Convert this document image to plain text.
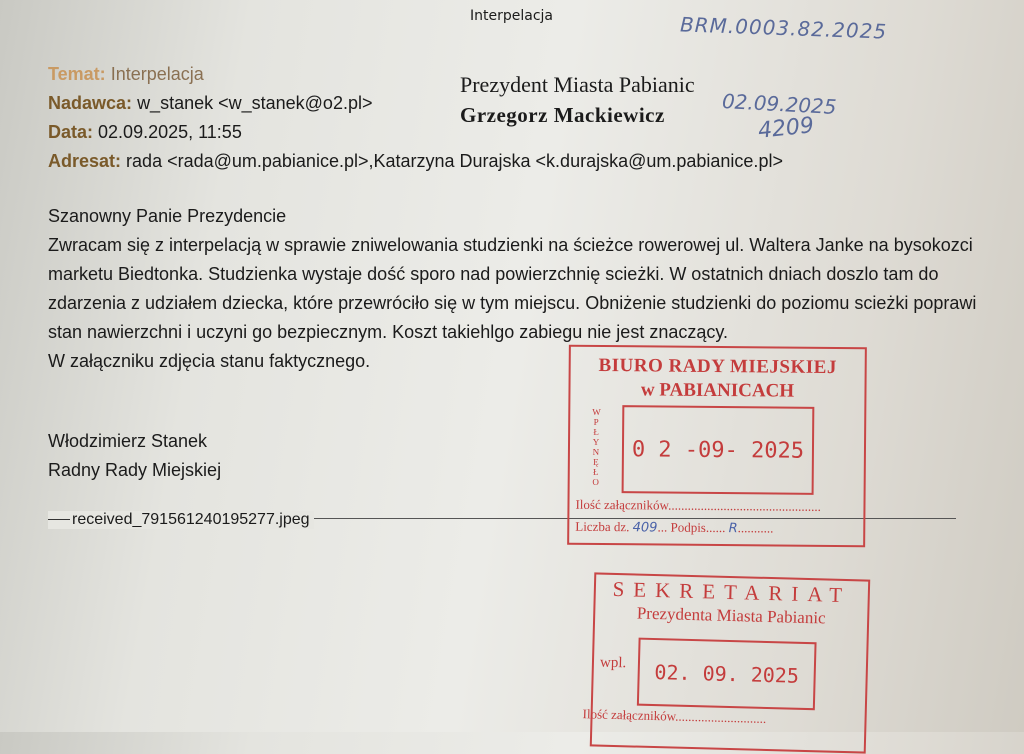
Interpelacja	BRM.0003.82.2025
02.09.2025
4209
Prezydent Miasta Pabianic
Grzegorz Mackiewicz
Temat: Interpelacja
Nadawca: w_stanek <w_stanek@o2.pl>
Data: 02.09.2025, 11:55
Adresat: rada <rada@um.pabianice.pl>,Katarzyna Durajska <k.durajska@um.pabianice.pl>

Szanowny Panie Prezydencie

Zwracam się z interpelacją w sprawie zniwelowania studzienki na ścieżce rowerowej ul. Waltera Janke na bysokozci marketu Biedtonka. Studzienka wystaje dość sporo nad powierzchnię scieżki. W ostatnich dniach doszlo tam do zdarzenia z udziałem dziecka, które przewróciło się w tym miejscu. Obniżenie studzienki do poziomu scieżki poprawi stan nawierzchni i uczyni go bezpiecznym. Koszt takiehlgo zabiegu nie jest znaczący.

W załączniku zdjęcia stanu faktycznego.

Włodzimierz Stanek
Radny Rady Miejskiej
received_791561240195277.jpeg
BIURO RADY MIEJSKIEJ
w PABIANICACH
WPŁYNĘŁO
0 2 -09- 2025
Ilość załączników...............................................
Liczba dz. 409... Podpis...... R...........
SEKRETARIAT
Prezydenta Miasta Pabianic
wpl.	02. 09. 2025
Ilość załączników............................
